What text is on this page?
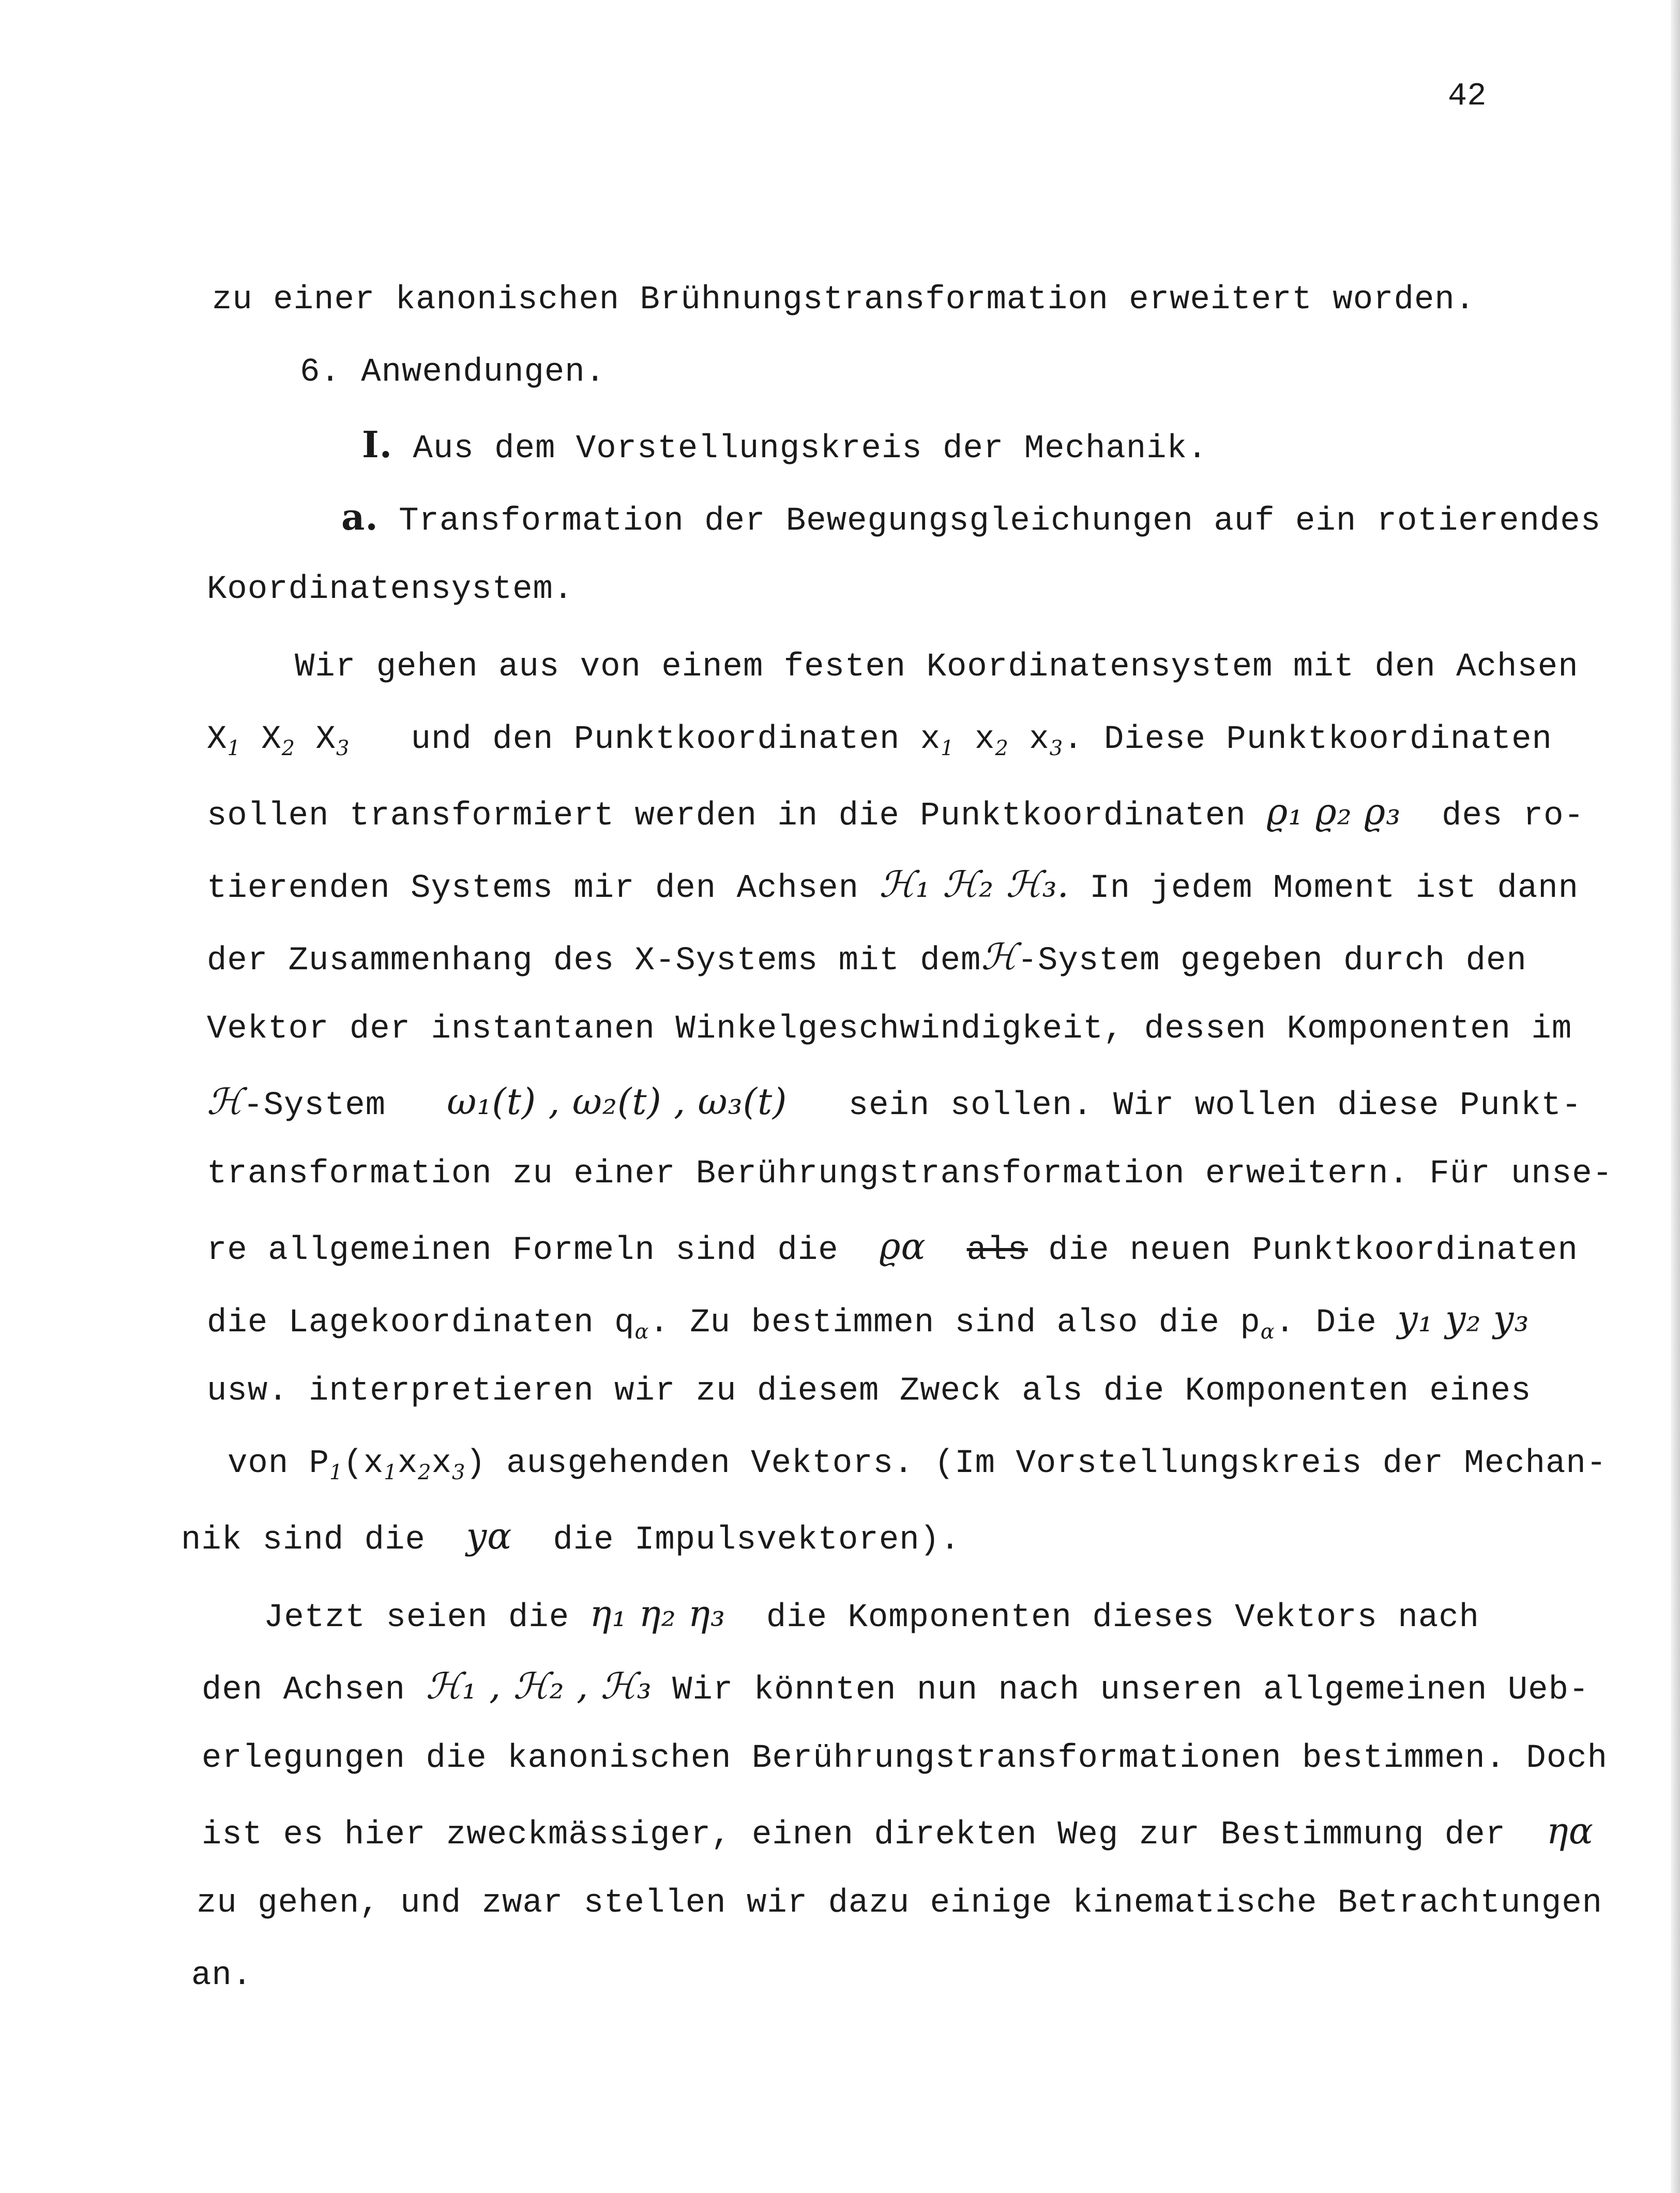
42
zu einer kanonischen Brühnungstransformation erweitert worden.
6. Anwendungen.
I. Aus dem Vorstellungskreis der Mechanik.
a. Transformation der Bewegungsgleichungen auf ein rotierendes
Koordinatensystem.
Wir gehen aus von einem festen Koordinatensystem mit den Achsen
$X_1$ $X_2$ $X_3$ und den Punktkoordinaten $x_1$ $x_2$ $x_3$. Diese Punktkoordinaten
sollen transformiert werden in die Punktkoordinaten ϱ₁ ϱ₂ ϱ₃ des ro-
tierenden Systems mir den Achsen ℋ₁ ℋ₂ ℋ₃. In jedem Moment ist dann
der Zusammenhang des X-Systems mit demℋ-System gegeben durch den
Vektor der instantanen Winkelgeschwindigkeit, dessen Komponenten im
ℋ-System ω₁(t) , ω₂(t) , ω₃(t) sein sollen. Wir wollen diese Punkt-
transformation zu einer Berührungstransformation erweitern. Für unse-
re allgemeinen Formeln sind die ϱα als die neuen Punktkoordinaten
die Lagekoordinaten $q_\alpha$. Zu bestimmen sind also die $p_\alpha$. Die y₁ y₂ y₃
usw. interpretieren wir zu diesem Zweck als die Komponenten eines
von $P_1(x_1x_2x_3)$ ausgehenden Vektors. (Im Vorstellungskreis der Mechan-
nik sind die yα die Impulsvektoren).
Jetzt seien die η₁ η₂ η₃ die Komponenten dieses Vektors nach
den Achsen ℋ₁ , ℋ₂ , ℋ₃ Wir könnten nun nach unseren allgemeinen Ueb-
erlegungen die kanonischen Berührungstransformationen bestimmen. Doch
ist es hier zweckmässiger, einen direkten Weg zur Bestimmung der ηα
zu gehen, und zwar stellen wir dazu einige kinematische Betrachtungen
an.
